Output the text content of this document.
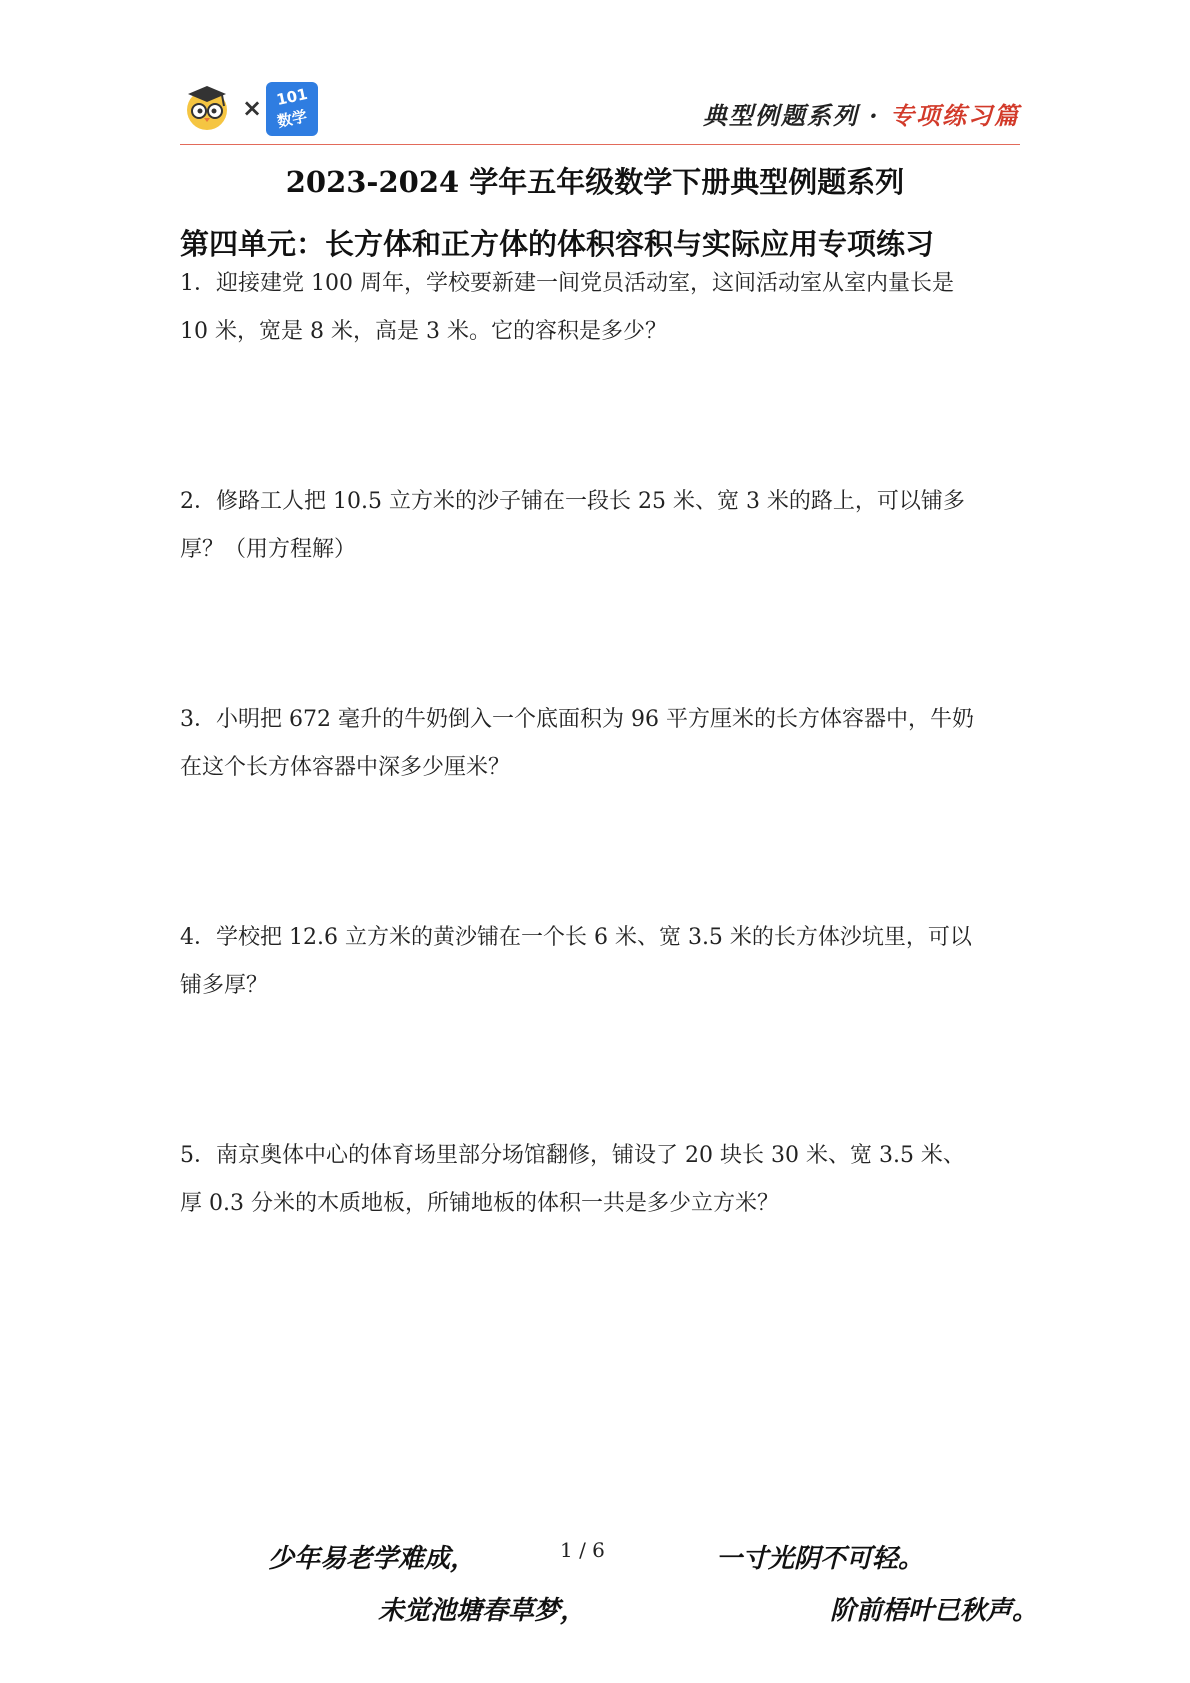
× 101
数学	典型例题系列 · 专项练习篇
2023-2024 学年五年级数学下册典型例题系列
第四单元：长方体和正方体的体积容积与实际应用专项练习
1．迎接建党 100 周年，学校要新建一间党员活动室，这间活动室从室内量长是
10 米，宽是 8 米，高是 3 米。它的容积是多少？
2．修路工人把 10.5 立方米的沙子铺在一段长 25 米、宽 3 米的路上，可以铺多
厚？（用方程解）
3．小明把 672 毫升的牛奶倒入一个底面积为 96 平方厘米的长方体容器中，牛奶
在这个长方体容器中深多少厘米？
4．学校把 12.6 立方米的黄沙铺在一个长 6 米、宽 3.5 米的长方体沙坑里，可以
铺多厚？
5．南京奥体中心的体育场里部分场馆翻修，铺设了 20 块长 30 米、宽 3.5 米、
厚 0.3 分米的木质地板，所铺地板的体积一共是多少立方米？
少年易老学难成，	1 / 6	一寸光阴不可轻。
未觉池塘春草梦，	阶前梧叶已秋声。
